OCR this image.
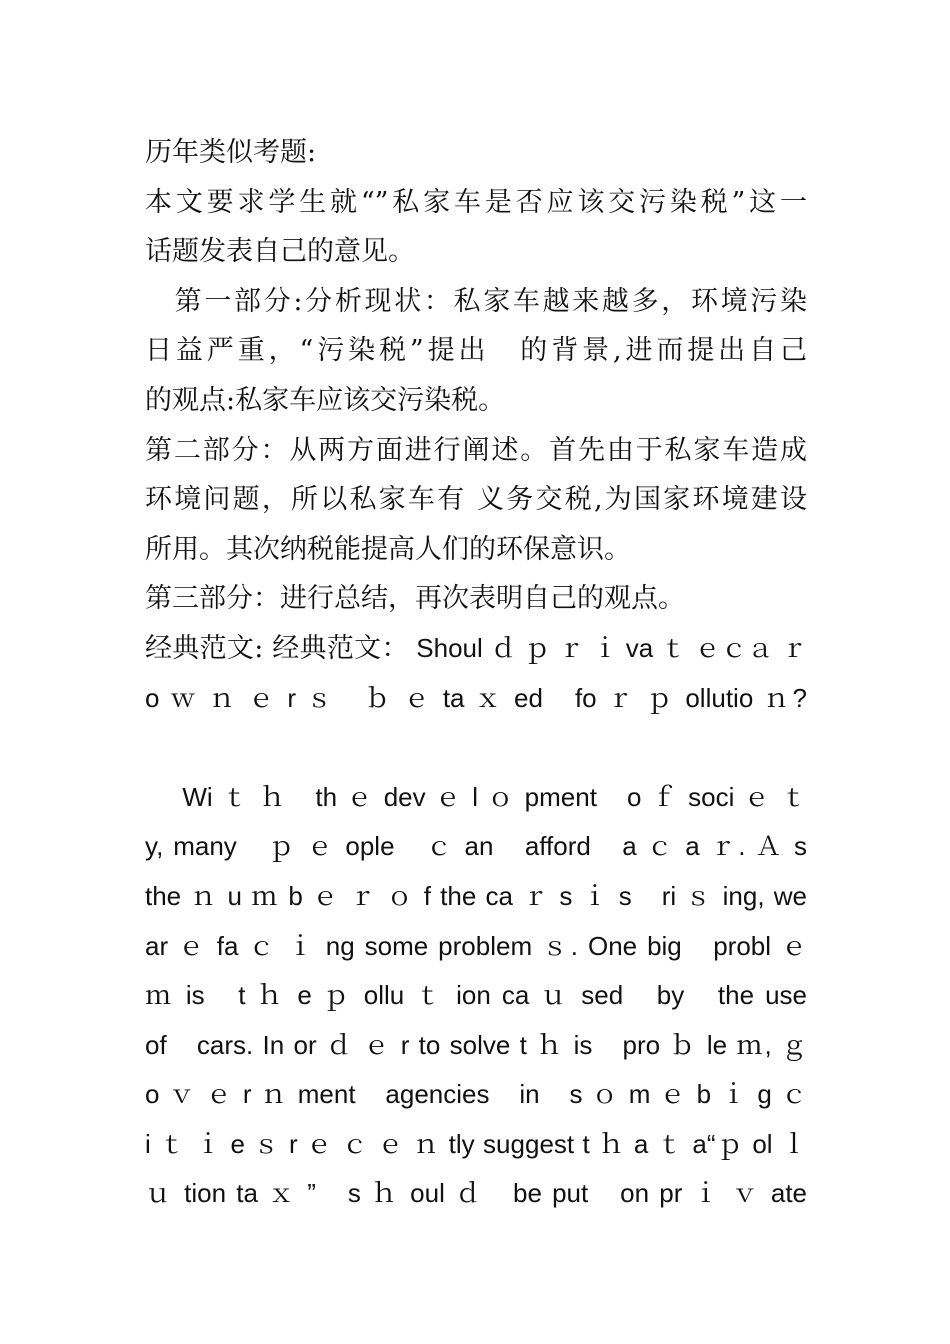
历年类似考题:
本文要求学生就“”私家车是否应该交污染税”这一
话题发表自己的意见。
　第一部分:分析现状：私家车越来越多，环境污染
日益严重，“污染税”提出　的背景,进而提出自己
的观点:私家车应该交污染税。
第二部分：从两方面进行阐述。首先由于私家车造成
环境问题，所以私家车有 义务交税,为国家环境建设
所用。其次纳税能提高人们的环保意识。
第三部分：进行总结，再次表明自己的观点。
经典范文: 经典范文： Shoul ｄ ｐ ｒ ｉ va ｔ ｅｃａ ｒ
o ｗ ｎ ｅ r ｓ　ｂ ｅ ta ｘ ed　fo ｒ ｐ ollutio ｎ?
　 Wi ｔ ｈ　th ｅ dev ｅ l ｏ pment　o ｆ soci ｅ ｔ
y, many　ｐ ｅ ople　ｃ an　afford　a ｃ a ｒ. Ａ s
the ｎ u ｍ b ｅ ｒ ｏ f the ca ｒ s ｉ s　ri ｓ ing, we
ar ｅ fa ｃ ｉ ng some problem ｓ. One big　probl ｅ
ｍ is　t ｈ e ｐ ollu ｔ ion ca ｕ sed　by　the use
of　cars. In or ｄ ｅ r to solve t ｈ is　pro ｂ le ｍ, ｇ
o ｖ ｅ r ｎ ment　agencies　in　s ｏ m ｅ b ｉ g ｃ
i ｔ ｉ e ｓ r ｅ ｃ ｅ ｎ tly suggest t ｈ a ｔ a“ｐ ol ｌ
ｕ tion ta ｘ ”　s ｈ oul ｄ　be put　on pr ｉ ｖ ate
